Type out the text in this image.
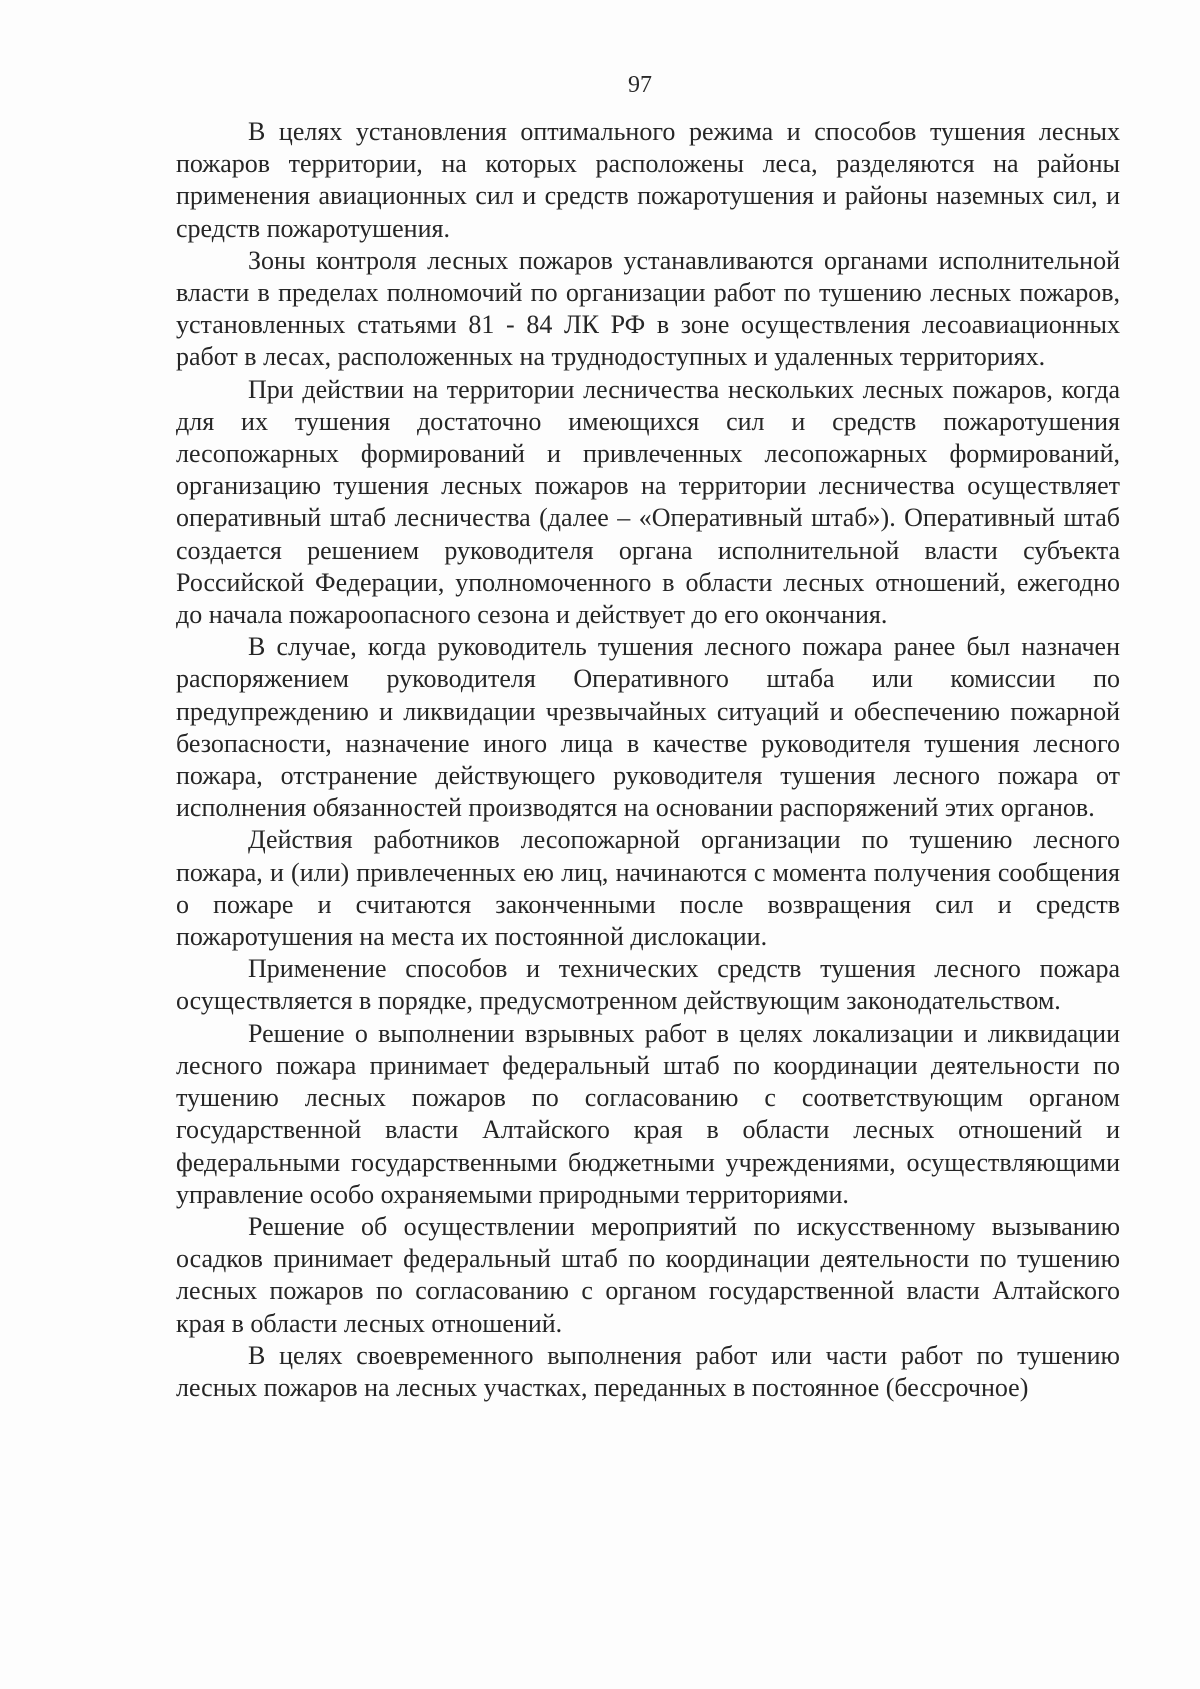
97

В целях установления оптимального режима и способов тушения лесных пожаров территории, на которых расположены леса, разделяются на районы применения авиационных сил и средств пожаротушения и районы наземных сил, и средств пожаротушения.

Зоны контроля лесных пожаров устанавливаются органами исполнительной власти в пределах полномочий по организации работ по тушению лесных пожаров, установленных статьями 81 - 84 ЛК РФ в зоне осуществления лесоавиационных работ в лесах, расположенных на труднодоступных и удаленных территориях.

При действии на территории лесничества нескольких лесных пожаров, когда для их тушения достаточно имеющихся сил и средств пожаротушения лесопожарных формирований и привлеченных лесопожарных формирований, организацию тушения лесных пожаров на территории лесничества осуществляет оперативный штаб лесничества (далее – «Оперативный штаб»). Оперативный штаб создается решением руководителя органа исполнительной власти субъекта Российской Федерации, уполномоченного в области лесных отношений, ежегодно до начала пожароопасного сезона и действует до его окончания.

В случае, когда руководитель тушения лесного пожара ранее был назначен распоряжением руководителя Оперативного штаба или комиссии по предупреждению и ликвидации чрезвычайных ситуаций и обеспечению пожарной безопасности, назначение иного лица в качестве руководителя тушения лесного пожара, отстранение действующего руководителя тушения лесного пожара от исполнения обязанностей производятся на основании распоряжений этих органов.

Действия работников лесопожарной организации по тушению лесного пожара, и (или) привлеченных ею лиц, начинаются с момента получения сообщения о пожаре и считаются законченными после возвращения сил и средств пожаротушения на места их постоянной дислокации.

Применение способов и технических средств тушения лесного пожара осуществляется в порядке, предусмотренном действующим законодательством.

Решение о выполнении взрывных работ в целях локализации и ликвидации лесного пожара принимает федеральный штаб по координации деятельности по тушению лесных пожаров по согласованию с соответствующим органом государственной власти Алтайского края в области лесных отношений и федеральными государственными бюджетными учреждениями, осуществляющими управление особо охраняемыми природными территориями.

Решение об осуществлении мероприятий по искусственному вызыванию осадков принимает федеральный штаб по координации деятельности по тушению лесных пожаров по согласованию с органом государственной власти Алтайского края в области лесных отношений.

В целях своевременного выполнения работ или части работ по тушению лесных пожаров на лесных участках, переданных в постоянное (бессрочное)
